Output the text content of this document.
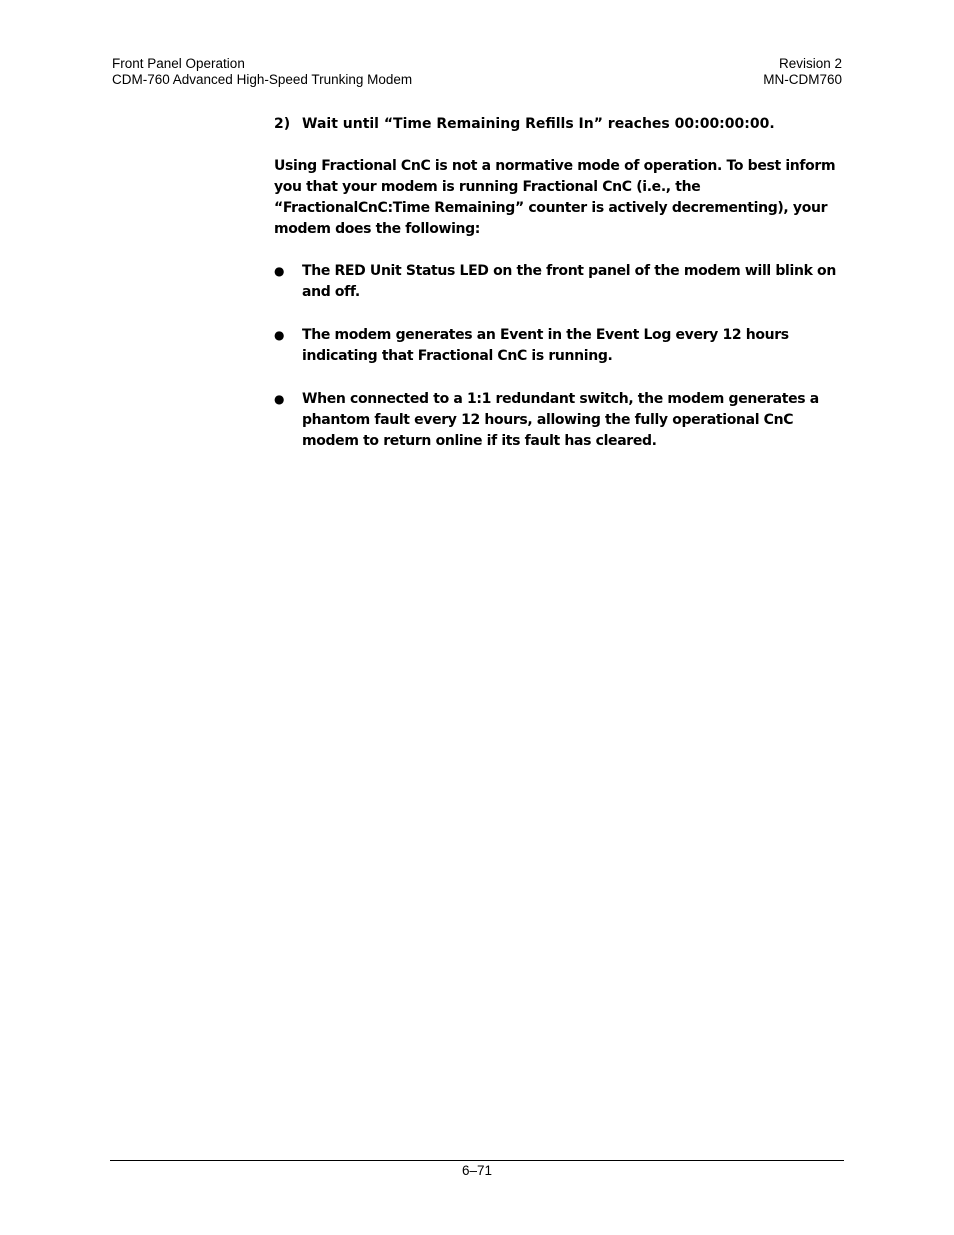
Front Panel Operation
CDM-760 Advanced High-Speed Trunking Modem
Revision 2
MN-CDM760
2) Wait until “Time Remaining Refills In” reaches 00:00:00:00.

Using Fractional CnC is not a normative mode of operation. To best inform you that your modem is running Fractional CnC (i.e., the “FractionalCnC:Time Remaining” counter is actively decrementing), your modem does the following:

●	The RED Unit Status LED on the front panel of the modem will blink on and off.
●	The modem generates an Event in the Event Log every 12 hours indicating that Fractional CnC is running.
●	When connected to a 1:1 redundant switch, the modem generates a phantom fault every 12 hours, allowing the fully operational CnC modem to return online if its fault has cleared.
6–71
